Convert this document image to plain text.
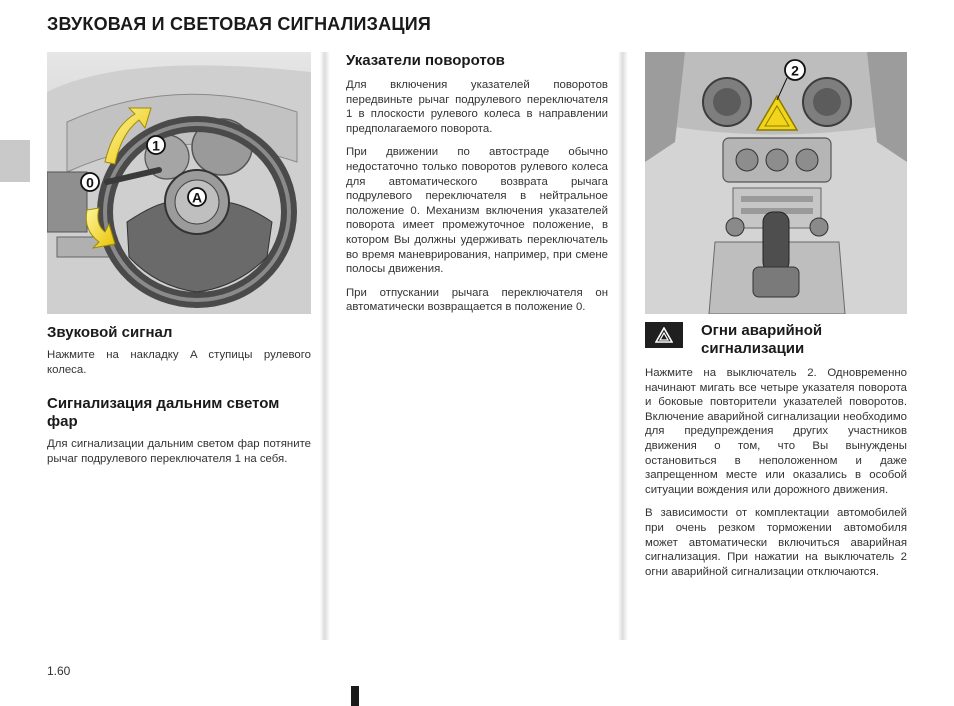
ЗВУКОВАЯ И СВЕТОВАЯ СИГНАЛИЗАЦИЯ
1
0
A
Звуковой сигнал

Нажмите на накладку A ступицы рулевого колеса.

Сигнализация дальним светом фар

Для сигнализации дальним светом фар потяните рычаг подрулевого переключателя 1 на себя.

Указатели поворотов

Для включения указателей поворотов передвиньте рычаг подрулевого переключателя 1 в плоскости рулевого колеса в направлении предполагаемого поворота.

При движении по автостраде обычно недостаточно только поворотов рулевого колеса для автоматического возврата рычага подрулевого переключателя в нейтральное положение 0. Механизм включения указателей поворота имеет промежуточное положение, в котором Вы должны удерживать переключатель во время маневрирования, например, при смене полосы движения.

При отпускании рычага переключателя он автоматически возвращается в положение 0.

2
Огни аварийной сигнализации

Нажмите на выключатель 2. Одновременно начинают мигать все четыре указателя поворота и боковые повторители указателей поворотов. Включение аварийной сигнализации необходимо для предупреждения других участников движения о том, что Вы вынуждены остановиться в неположенном и даже запрещенном месте или оказались в особой ситуации вождения или дорожного движения.

В зависимости от комплектации автомобилей при очень резком торможении автомобиля может автоматически включиться аварийная сигнализация. При нажатии на выключатель 2 огни аварийной сигнализации отключаются.

1.60
